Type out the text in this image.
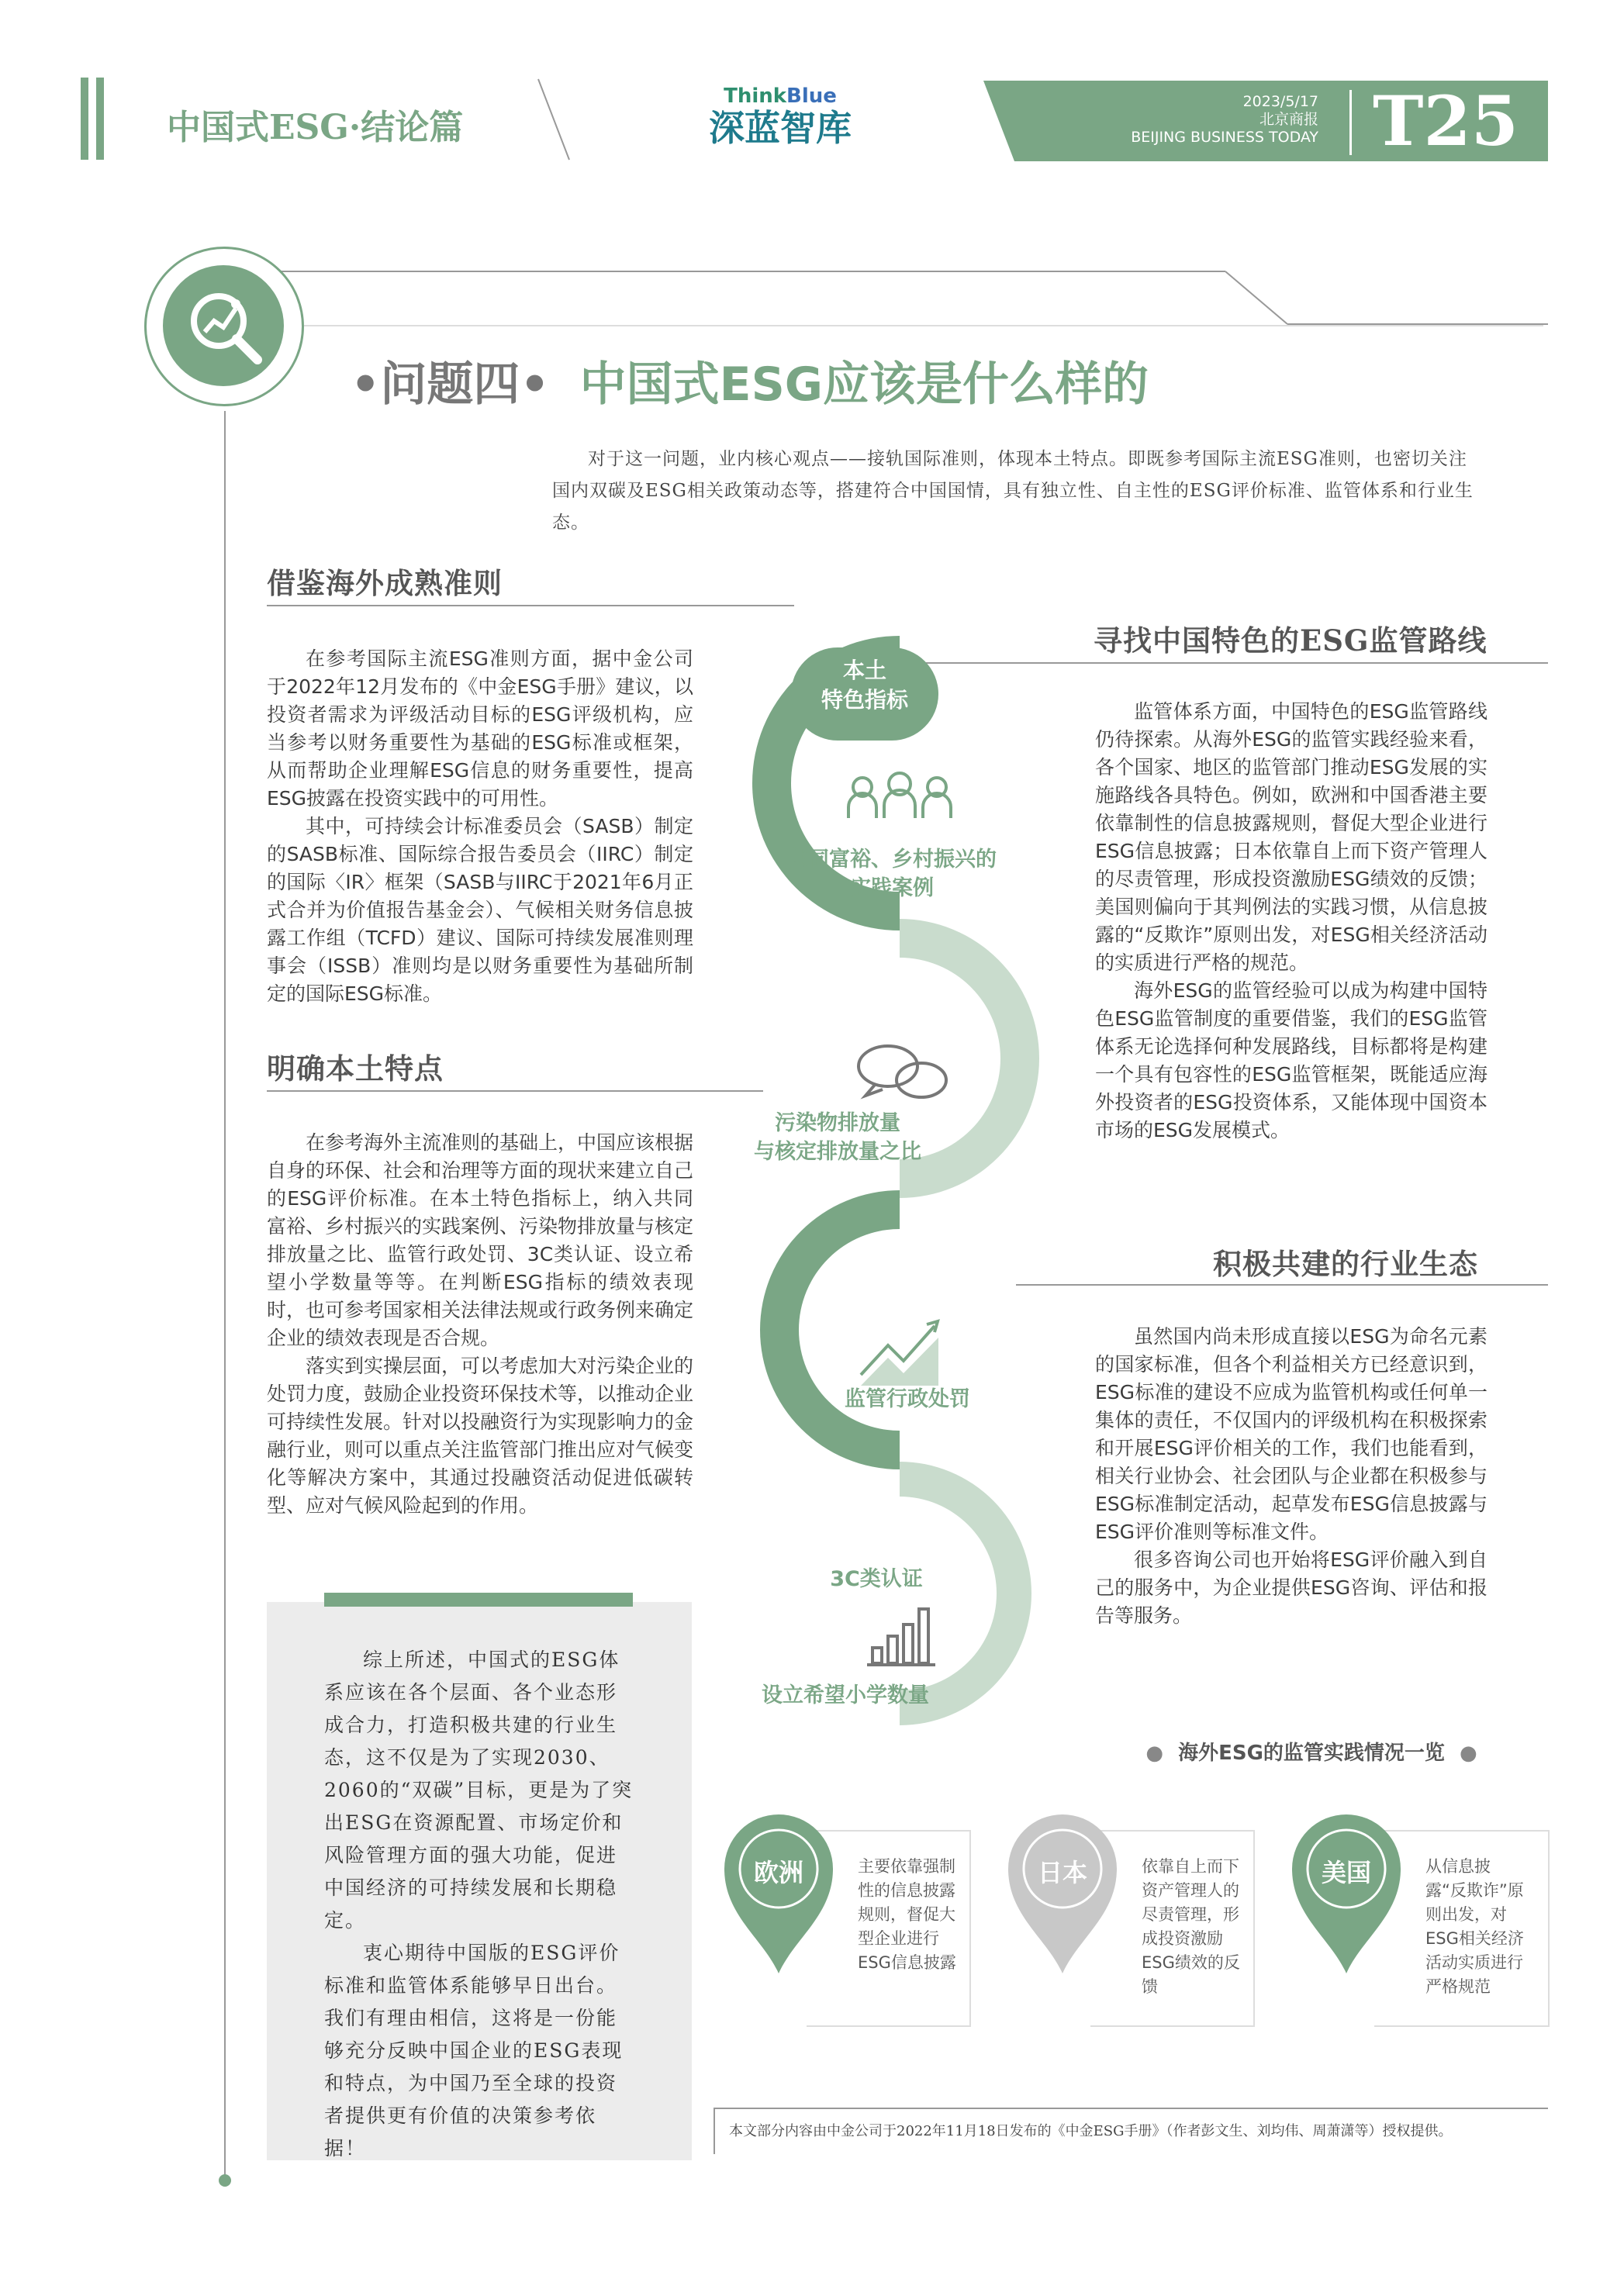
中国式ESG·结论篇
ThinkBlue
深蓝智库
2023/5/17
北京商报
BEIJING BUSINESS TODAY T25
•问题四• 中国式ESG应该是什么样的

对于这一问题，业内核心观点——接轨国际准则，体现本土特点。即既参考国际主流ESG准则，也密切关注国内双碳及ESG相关政策动态等，搭建符合中国国情，具有独立性、自主性的ESG评价标准、监管体系和行业生态。

借鉴海外成熟准则

在参考国际主流ESG准则方面，据中金公司于2022年12月发布的《中金ESG手册》建议，以投资者需求为评级活动目标的ESG评级机构，应当参考以财务重要性为基础的ESG标准或框架，从而帮助企业理解ESG信息的财务重要性，提高ESG披露在投资实践中的可用性。

其中，可持续会计标准委员会（SASB）制定的SASB标准、国际综合报告委员会（IIRC）制定的国际〈IR〉框架（SASB与IIRC于2021年6月正式合并为价值报告基金会）、气候相关财务信息披露工作组（TCFD）建议、国际可持续发展准则理事会（ISSB）准则均是以财务重要性为基础所制定的国际ESG标准。

明确本土特点

在参考海外主流准则的基础上，中国应该根据自身的环保、社会和治理等方面的现状来建立自己的ESG评价标准。在本土特色指标上，纳入共同富裕、乡村振兴的实践案例、污染物排放量与核定排放量之比、监管行政处罚、3C类认证、设立希望小学数量等等。在判断ESG指标的绩效表现时，也可参考国家相关法律法规或行政务例来确定企业的绩效表现是否合规。

落实到实操层面，可以考虑加大对污染企业的处罚力度，鼓励企业投资环保技术等，以推动企业可持续性发展。针对以投融资行为实现影响力的金融行业，则可以重点关注监管部门推出应对气候变化等解决方案中，其通过投融资活动促进低碳转型、应对气候风险起到的作用。

寻找中国特色的ESG监管路线

监管体系方面，中国特色的ESG监管路线仍待探索。从海外ESG的监管实践经验来看，各个国家、地区的监管部门推动ESG发展的实施路线各具特色。例如，欧洲和中国香港主要依靠制性的信息披露规则，督促大型企业进行ESG信息披露；日本依靠自上而下资产管理人的尽责管理，形成投资激励ESG绩效的反馈；美国则偏向于其判例法的实践习惯，从信息披露的“反欺诈”原则出发，对ESG相关经济活动的实质进行严格的规范。

海外ESG的监管经验可以成为构建中国特色ESG监管制度的重要借鉴，我们的ESG监管体系无论选择何种发展路线，目标都将是构建一个具有包容性的ESG监管框架，既能适应海外投资者的ESG投资体系，又能体现中国资本市场的ESG发展模式。

积极共建的行业生态

虽然国内尚未形成直接以ESG为命名元素的国家标准，但各个利益相关方已经意识到，ESG标准的建设不应成为监管机构或任何单一集体的责任，不仅国内的评级机构在积极探索和开展ESG评价相关的工作，我们也能看到，相关行业协会、社会团队与企业都在积极参与ESG标准制定活动，起草发布ESG信息披露与ESG评价准则等标准文件。

很多咨询公司也开始将ESG评价融入到自己的服务中，为企业提供ESG咨询、评估和报告等服务。

本土
特色指标
共同富裕、乡村振兴的
实践案例
污染物排放量
与核定排放量之比
监管行政处罚
3C类认证
设立希望小学数量

综上所述，中国式的ESG体系应该在各个层面、各个业态形成合力，打造积极共建的行业生态，这不仅是为了实现2030、2060的“双碳”目标，更是为了突出ESG在资源配置、市场定价和风险管理方面的强大功能，促进中国经济的可持续发展和长期稳定。

衷心期待中国版的ESG评价标准和监管体系能够早日出台。我们有理由相信，这将是一份能够充分反映中国企业的ESG表现和特点，为中国乃至全球的投资者提供更有价值的决策参考依据！

● 海外ESG的监管实践情况一览 ●
欧洲	主要依靠强制性的信息披露规则，督促大型企业进行ESG信息披露
日本	依靠自上而下资产管理人的尽责管理，形成投资激励ESG绩效的反馈
美国	从信息披露“反欺诈”原则出发，对ESG相关经济活动实质进行严格规范
本文部分内容由中金公司于2022年11月18日发布的《中金ESG手册》（作者彭文生、刘均伟、周萧潇等）授权提供。
